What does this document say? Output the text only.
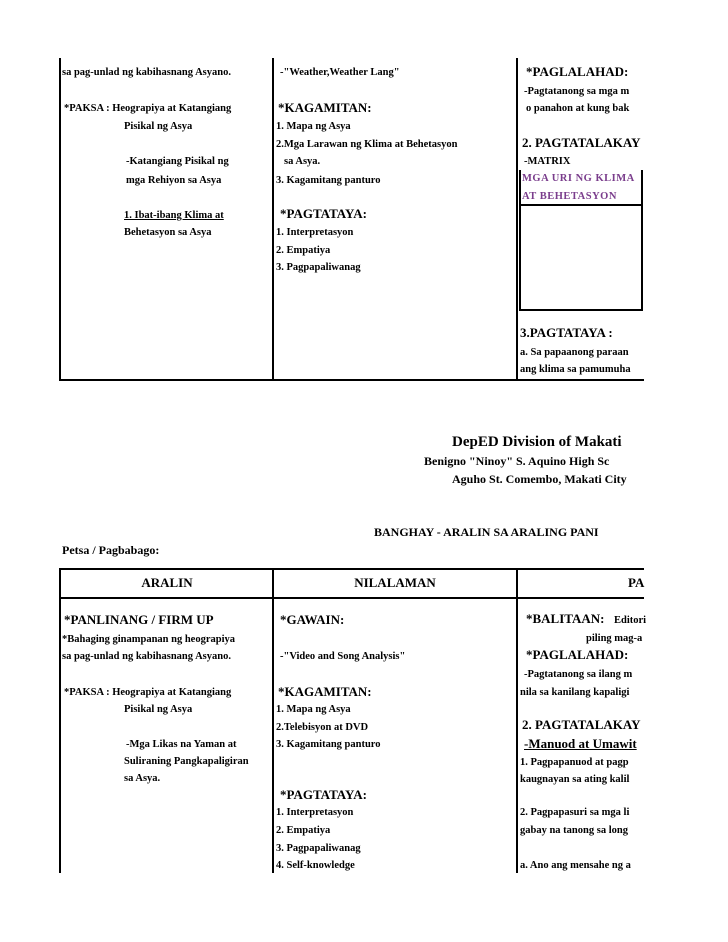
sa pag-unlad ng kabihasnang Asyano.
*PAKSA : Heograpiya at Katangiang
Pisikal ng Asya
-Katangiang Pisikal ng
mga Rehiyon sa Asya
1. Ibat-ibang Klima at
Behetasyon sa Asya
-"Weather,Weather Lang"
*KAGAMITAN:
1. Mapa ng Asya
2.Mga Larawan ng Klima at Behetasyon
sa Asya.
3. Kagamitang panturo
*PAGTATAYA:
1. Interpretasyon
2. Empatiya
3. Pagpapaliwanag
*PAGLALAHAD:
-Pagtatanong sa mga m
o panahon at kung bak
2. PAGTATALAKAY
-MATRIX
MGA URI NG KLIMA
AT BEHETASYON
3.PAGTATAYA :
a. Sa papaanong paraan
ang klima sa pamumuha
DepED Division of Makati
Benigno "Ninoy" S. Aquino High Sc
Aguho St. Comembo, Makati City
BANGHAY - ARALIN SA ARALING PANI
Petsa / Pagbabago:
ARALIN	NILALAMAN	PA
*PANLINANG / FIRM UP
*Bahaging ginampanan ng heograpiya
sa pag-unlad ng kabihasnang Asyano.
*PAKSA : Heograpiya at Katangiang
Pisikal ng Asya
-Mga Likas na Yaman at
Suliraning Pangkapaligiran
sa Asya.
*GAWAIN:
-"Video and Song Analysis"
*KAGAMITAN:
1. Mapa ng Asya
2.Telebisyon at DVD
3. Kagamitang panturo
*PAGTATAYA:
1. Interpretasyon
2. Empatiya
3. Pagpapaliwanag
4. Self-knowledge
*BALITAAN: Editori
piling mag-a
*PAGLALAHAD:
-Pagtatanong sa ilang m
nila sa kanilang kapaligi
2. PAGTATALAKAY
-Manuod at Umawit
1. Pagpapanuod at pagp
kaugnayan sa ating kalil
2. Pagpapasuri sa mga li
gabay na tanong sa long
a. Ano ang mensahe ng a
